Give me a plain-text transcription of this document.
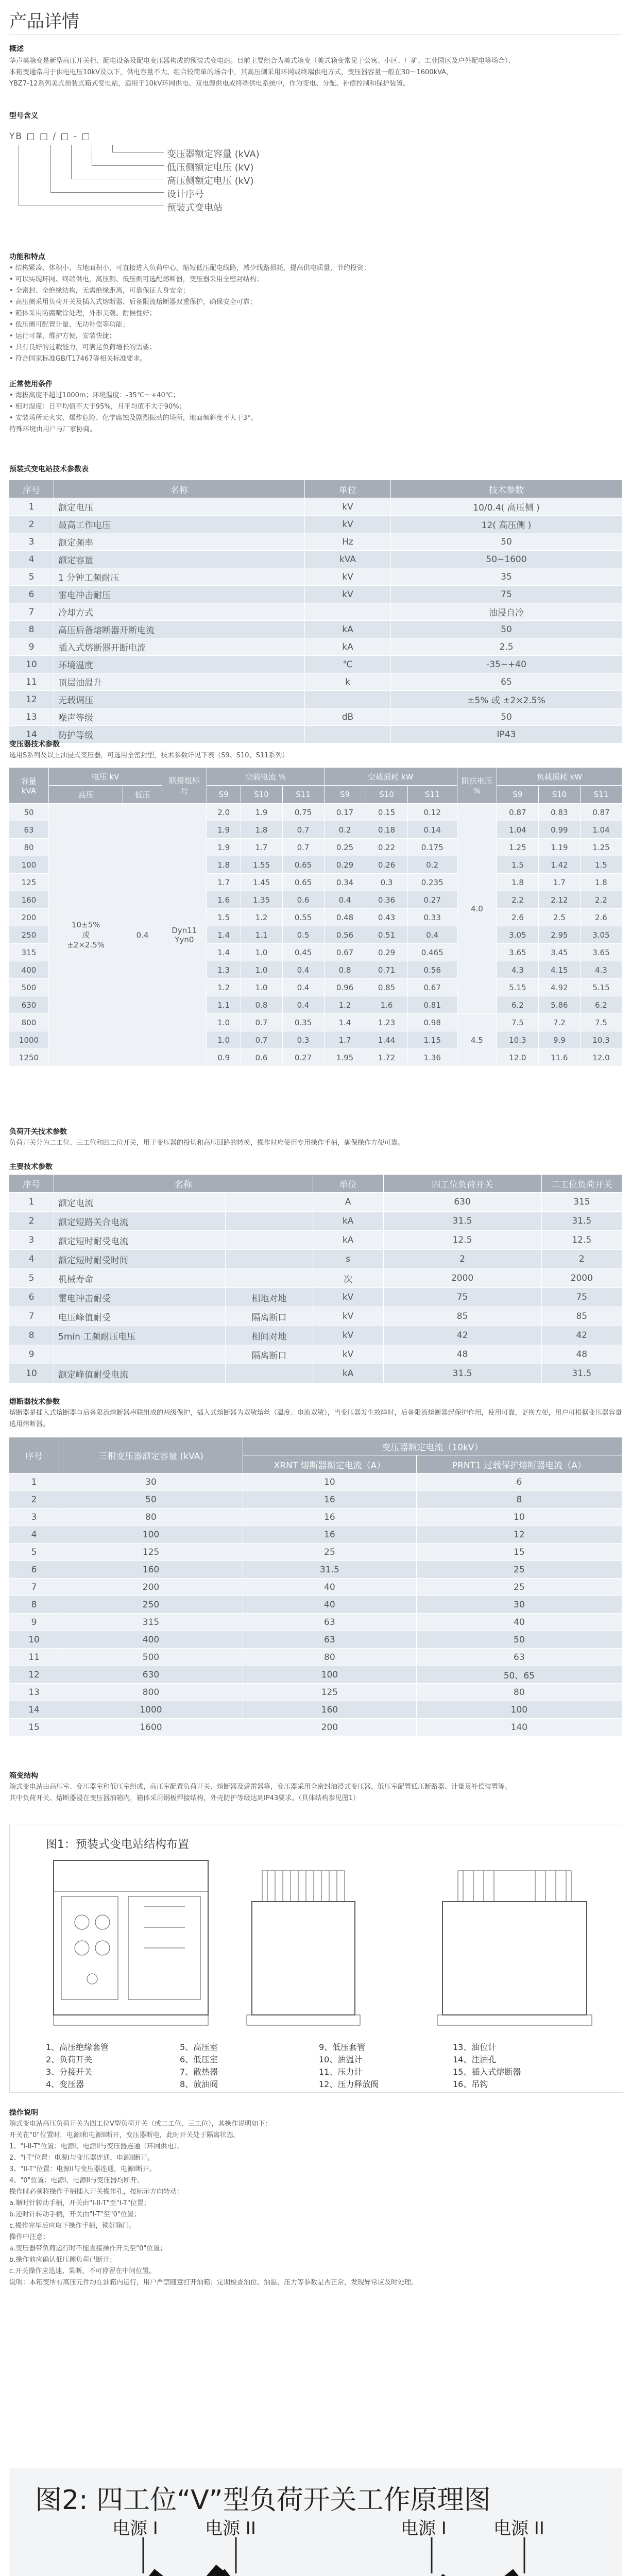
产品详情
概述

华声美箱变是新型高压开关柜、配电设备及配电变压器构成的预装式变电站。目前主要组合为美式箱变（美式箱变常见于公寓、小区、厂矿、工业园区及户外配电等场合）、

本箱变通常用于供电电压10kV及以下，供电容量不大、组合较简单的场合中，其高压侧采用环网或终端供电方式，变压器容量一般在30～1600kVA，

YBZ7-12系列美式预装式箱式变电站，适用于10kV环网供电、双电源供电或终端供电系统中，作为变电、分配、补偿控制和保护装置。

型号含义
YB □ □ / □ - □
变压器额定容量 (kVA)
低压侧额定电压 (kV)
高压侧额定电压 (kV)
设计序号
预装式变电站
功能和特点

• 结构紧凑、体积小、占地面积小，可直接进入负荷中心，缩短低压配电线路，减少线路损耗，提高供电质量，节约投资；

• 可以实现环网、终端供电，高压侧、低压侧可选配熔断器，变压器采用全密封结构；

• 全密封、全绝缘结构，无需绝缘距离，可靠保证人身安全；

• 高压侧采用负荷开关及插入式熔断器、后备限流熔断器双重保护，确保安全可靠；

• 箱体采用防腐喷涂处理，外形美观、耐候性好；

• 低压侧可配置计量、无功补偿等功能；

• 运行可靠，维护方便，安装快捷；

• 具有良好的过载能力，可满足负荷增长的需要；

• 符合国家标准GB/T17467等相关标准要求。

正常使用条件

• 海拔高度不超过1000m；环境温度：-35℃～+40℃；

• 相对湿度：日平均值不大于95%，月平均值不大于90%；

• 安装场所无火灾、爆炸危险、化学腐蚀及剧烈振动的场所，地面倾斜度不大于3°。

特殊环境由用户与厂家协商。

预装式变电站技术参数表
序号	名称	单位	技术参数
1	额定电压	kV	10/0.4( 高压侧 )
2	最高工作电压	kV	12( 高压侧 )
3	额定频率	Hz	50
4	额定容量	kVA	50~1600
5	1 分钟工频耐压	kV	35
6	雷电冲击耐压	kV	75
7	冷却方式		油浸自冷
8	高压后备熔断器开断电流	kA	50
9	插入式熔断器开断电流	kA	2.5
10	环境温度	℃	-35~+40
11	顶层油温升	k	65
12	无载调压		±5% 或 ±2×2.5%
13	噪声等级	dB	50
14	防护等级		IP43
变压器技术参数
选用S系列及以上油浸式变压器，可选用全密封型，技术参数详见下表（S9、S10、S11系列）
容量 kVA	电压 kV		联接组标号	空载电流 %			空载损耗 kW			阻抗电压 %	负载损耗 kW		
	高压	低压		S9	S10	S11	S9	S10	S11		S9	S10	S11
50	10±5%
或
±2×2.5%	0.4	Dyn11
Yyn0	2.0	1.9	0.75	0.17	0.15	0.12	4.0	0.87	0.83	0.87
63				1.9	1.8	0.7	0.2	0.18	0.14		1.04	0.99	1.04
80				1.9	1.7	0.7	0.25	0.22	0.175		1.25	1.19	1.25
100				1.8	1.55	0.65	0.29	0.26	0.2		1.5	1.42	1.5
125				1.7	1.45	0.65	0.34	0.3	0.235		1.8	1.7	1.8
160				1.6	1.35	0.6	0.4	0.36	0.27		2.2	2.12	2.2
200				1.5	1.2	0.55	0.48	0.43	0.33		2.6	2.5	2.6
250				1.4	1.1	0.5	0.56	0.51	0.4		3.05	2.95	3.05
315				1.4	1.0	0.45	0.67	0.29	0.465		3.65	3.45	3.65
400				1.3	1.0	0.4	0.8	0.71	0.56		4.3	4.15	4.3
500				1.2	1.0	0.4	0.96	0.85	0.67		5.15	4.92	5.15
630				1.1	0.8	0.4	1.2	1.6	0.81		6.2	5.86	6.2
800				1.0	0.7	0.35	1.4	1.23	0.98	4.5	7.5	7.2	7.5
1000				1.0	0.7	0.3	1.7	1.44	1.15		10.3	9.9	10.3
1250				0.9	0.6	0.27	1.95	1.72	1.36		12.0	11.6	12.0
负荷开关技术参数
负荷开关分为二工位、三工位和四工位开关，用于变压器的投切和高压回路的转换，操作时应使用专用操作手柄，确保操作方便可靠。
主要技术参数
序号	名称		单位	四工位负荷开关	二工位负荷开关
1	额定电流		A	630	315
2	额定短路关合电流		kA	31.5	31.5
3	额定短时耐受电流		kA	12.5	12.5
4	额定短时耐受时间		s	2	2
5	机械寿命		次	2000	2000
6	雷电冲击耐受	相地对地	kV	75	75
7	电压峰值耐受	隔离断口	kV	85	85
8	5min 工频耐压电压	相间对地	kV	42	42
9		隔离断口	kV	48	48
10	额定峰值耐受电流		kA	31.5	31.5
熔断器技术参数
熔断器是插入式熔断器与后备限流熔断器串联组成的两级保护，插入式熔断器为双敏熔丝（温度、电流双敏），当变压器发生故障时，后备限流熔断器起保护作用，使用可靠，更换方便，用户可根据变压器容量选用熔断器。
序号	三相变压器额定容量 (kVA)	变压器额定电流（10kV）	
		XRNT 熔断器额定电流（A）	PRNT1 过载保护熔断器电流（A）
1	30	10	6
2	50	16	8
3	80	16	10
4	100	16	12
5	125	25	15
6	160	31.5	25
7	200	40	25
8	250	40	30
9	315	63	40
10	400	63	50
11	500	80	63
12	630	100	50、65
13	800	125	80
14	1000	160	100
15	1600	200	140
箱变结构

箱式变电站由高压室、变压器室和低压室组成，高压室配置负荷开关、熔断器及避雷器等，变压器采用全密封油浸式变压器，低压室配置低压断路器、计量及补偿装置等。

其中负荷开关、熔断器浸在变压器油箱内，箱体采用钢板焊接结构，外壳防护等级达到IP43要求。（具体结构参见图1）

图1：预装式变电站结构布置
1、高压绝缘套管
2、负荷开关
3、分接开关
4、变压器
5、高压室
6、低压室
7、散热器
8、放油阀
9、低压套管
10、油温计
11、压力计
12、压力释放阀
13、油位计
14、注油孔
15、插入式熔断器
16、吊钩
操作说明

箱式变电站高压负荷开关为四工位V型负荷开关（或二工位、三工位），其操作说明如下：

开关在"0"位置时，电源I和电源II断开，变压器断电，此时开关处于隔离状态。

1、"I-II-T"位置：电源I、电源II与变压器连通（环网供电）。

2、"I-T"位置：电源I与变压器连通，电源II断开。

3、"II-T"位置：电源II与变压器连通，电源I断开。

4、"0"位置：电源I、电源II与变压器均断开。

操作时必须将操作手柄插入开关操作孔，按标示方向转动：

a.顺时针转动手柄，开关由"I-II-T"至"I-T"位置；

b.逆时针转动手柄，开关由"I-T"至"0"位置；

c.操作完毕后应取下操作手柄，锁好箱门。

操作中注意：

a.变压器带负荷运行时不能直接操作开关至"0"位置；

b.操作前应确认低压侧负荷已断开；

c.开关操作应迅速、果断，不可停留在中间位置。

说明：本箱变所有高压元件均在油箱内运行，用户严禁随意打开油箱；定期检查油位、油温、压力等参数是否正常，发现异常应及时处理。

图2: 四工位“V”型负荷开关工作原理图
电源 I	电源 II	电源 I	电源 II
